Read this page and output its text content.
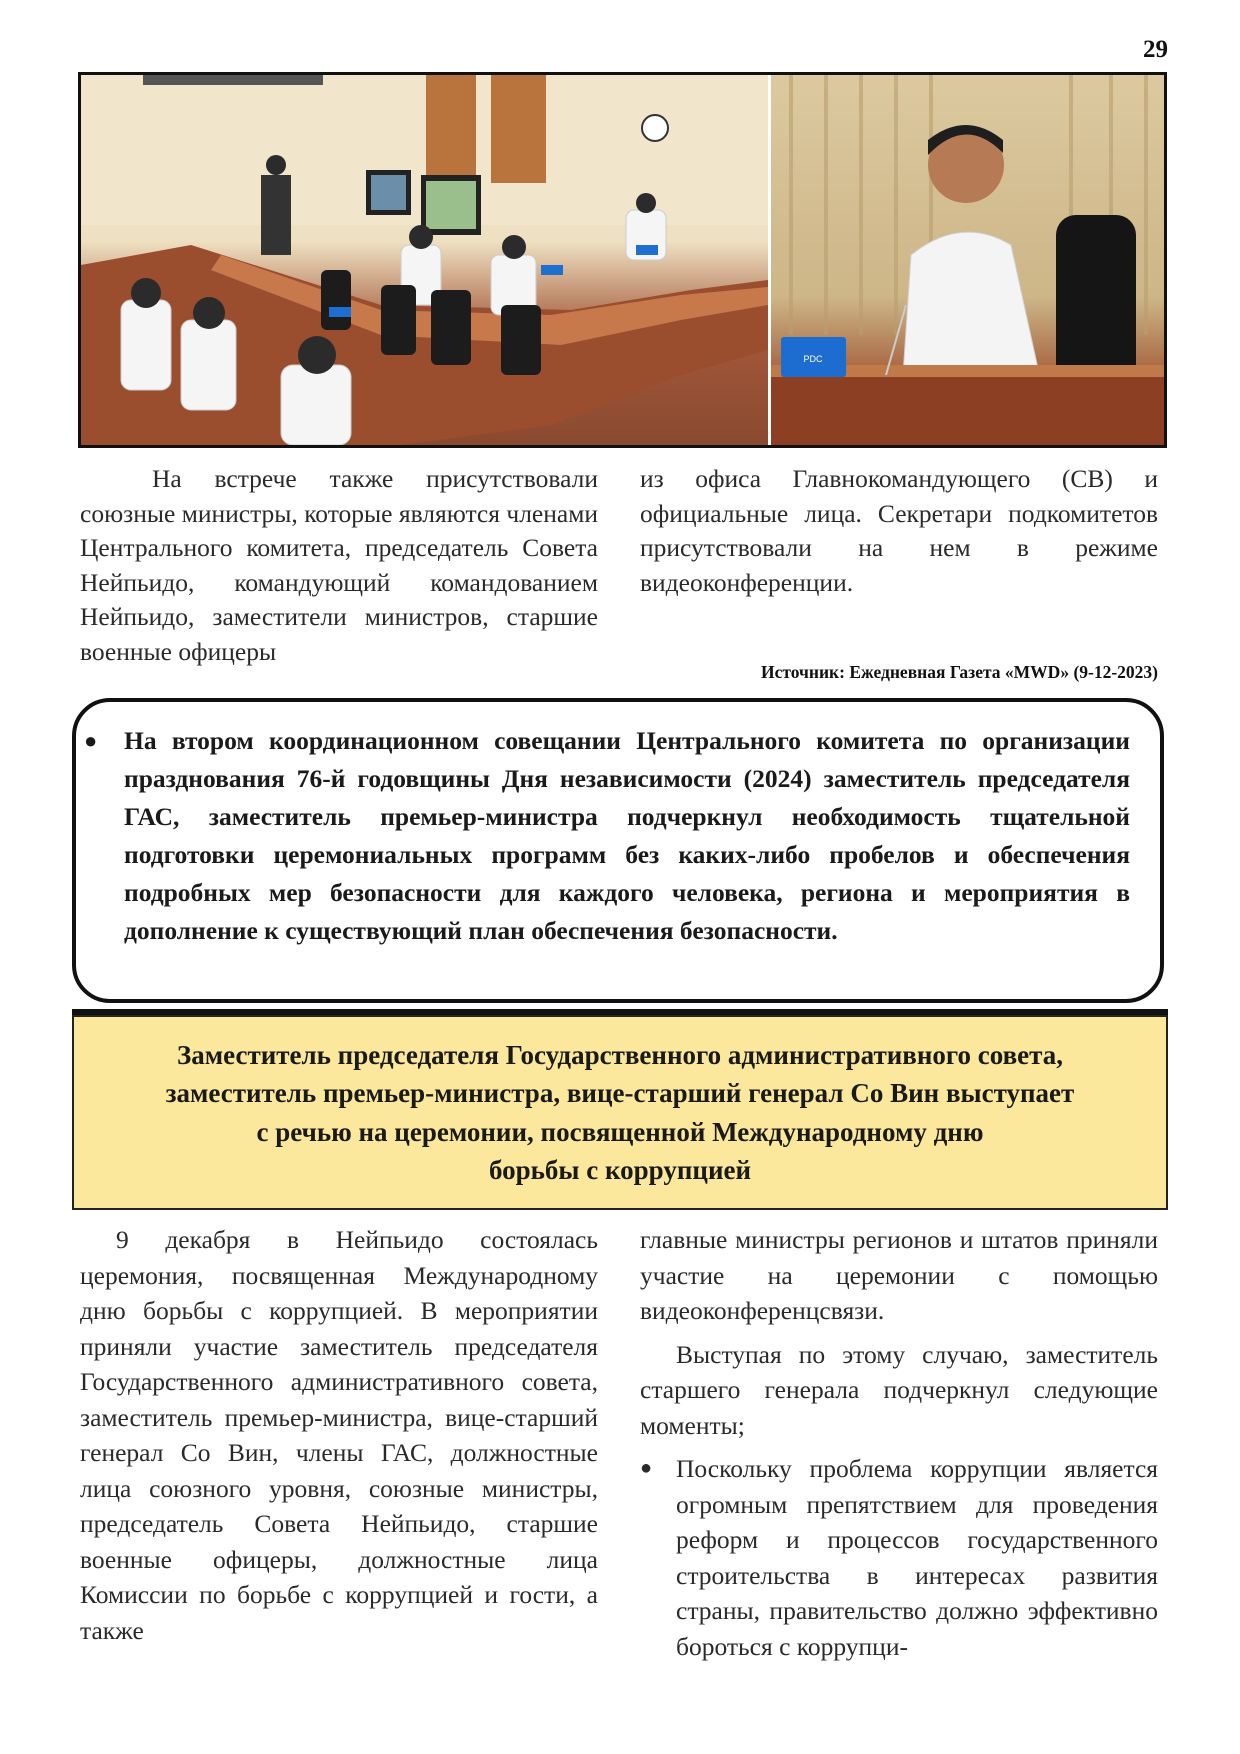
29
PDC

На встрече также присутствовали союзные министры, которые являются членами Центрального комитета, председатель Совета Нейпьидо, командующий командованием Нейпьидо, заместители министров, старшие военные офицеры

из офиса Главнокомандующего (СВ) и официальные лица. Секретари подкомитетов присутствовали на нем в режиме видеоконференции.

Источник: Ежедневная Газета «MWD» (9-12-2023)
● На втором координационном совещании Центрального комитета по организации празднования 76-й годовщины Дня независимости (2024) заместитель председателя ГАС, заместитель премьер-министра подчеркнул необходимость тщательной подготовки церемониальных программ без каких-либо пробелов и обеспечения подробных мер безопасности для каждого человека, региона и мероприятия в дополнение к существующий план обеспечения безопасности.

Заместитель председателя Государственного административного совета,
заместитель премьер-министра, вице-старший генерал Со Вин выступает
с речью на церемонии, посвященной Международному дню
борьбы с коррупцией

9 декабря в Нейпьидо состоялась церемония, посвященная Международному дню борьбы с коррупцией. В мероприятии приняли участие заместитель председателя Государственного административного совета, заместитель премьер-министра, вице-старший генерал Со Вин, члены ГАС, должностные лица союзного уровня, союзные министры, председатель Совета Нейпьидо, старшие военные офицеры, должностные лица Комиссии по борьбе с коррупцией и гости, а также

главные министры регионов и штатов приняли участие на церемонии с помощью видеоконференцсвязи.

Выступая по этому случаю, заместитель старшего генерала подчеркнул следующие моменты;

● Поскольку проблема коррупции является огромным препятствием для проведения реформ и процессов государственного строительства в интересах развития страны, правительство должно эффективно бороться с коррупци-
